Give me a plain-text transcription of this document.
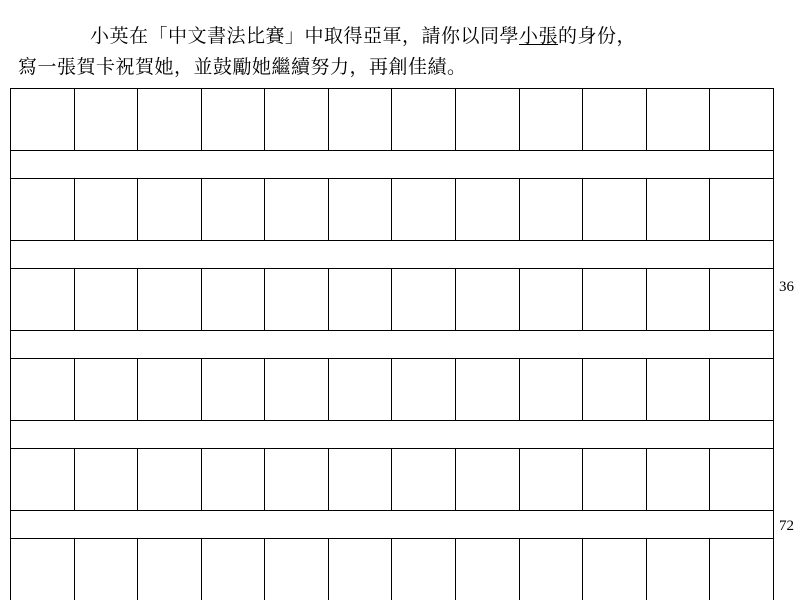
小英在「中文書法比賽」中取得亞軍，請你以同學小張的身份，
寫一張賀卡祝賀她，並鼓勵她繼續努力，再創佳績。

36
72
